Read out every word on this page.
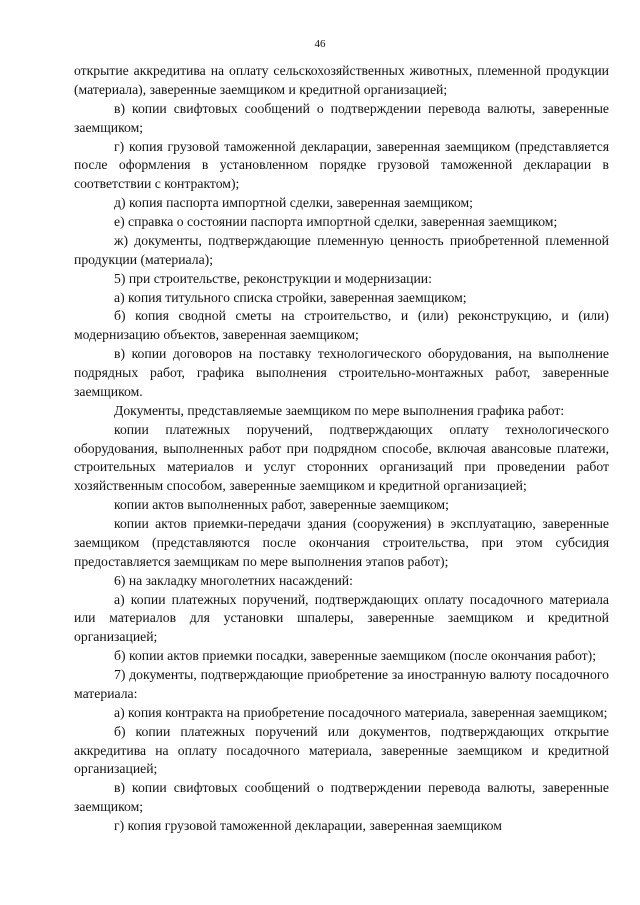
46

открытие аккредитива на оплату сельскохозяйственных животных, племенной продукции (материала), заверенные заемщиком и кредитной организацией;

в) копии свифтовых сообщений о подтверждении перевода валюты, заверенные заемщиком;

г) копия грузовой таможенной декларации, заверенная заемщиком (представляется после оформления в установленном порядке грузовой таможенной декларации в соответствии с контрактом);

д) копия паспорта импортной сделки, заверенная заемщиком;

е) справка о состоянии паспорта импортной сделки, заверенная заемщиком;

ж) документы, подтверждающие племенную ценность приобретенной племенной продукции (материала);

5) при строительстве, реконструкции и модернизации:

а) копия титульного списка стройки, заверенная заемщиком;

б) копия сводной сметы на строительство, и (или) реконструкцию, и (или) модернизацию объектов, заверенная заемщиком;

в) копии договоров на поставку технологического оборудования, на выполнение подрядных работ, графика выполнения строительно-монтажных работ, заверенные заемщиком.

Документы, представляемые заемщиком по мере выполнения графика работ:

копии платежных поручений, подтверждающих оплату технологического оборудования, выполненных работ при подрядном способе, включая авансовые платежи, строительных материалов и услуг сторонних организаций при проведении работ хозяйственным способом, заверенные заемщиком и кредитной организацией;

копии актов выполненных работ, заверенные заемщиком;

копии актов приемки-передачи здания (сооружения) в эксплуатацию, заверенные заемщиком (представляются после окончания строительства, при этом субсидия предоставляется заемщикам по мере выполнения этапов работ);

6) на закладку многолетних насаждений:

а) копии платежных поручений, подтверждающих оплату посадочного материала или материалов для установки шпалеры, заверенные заемщиком и кредитной организацией;

б) копии актов приемки посадки, заверенные заемщиком (после окончания работ);

7) документы, подтверждающие приобретение за иностранную валюту посадочного материала:

а) копия контракта на приобретение посадочного материала, заверенная заемщиком;

б) копии платежных поручений или документов, подтверждающих открытие аккредитива на оплату посадочного материала, заверенные заемщиком и кредитной организацией;

в) копии свифтовых сообщений о подтверждении перевода валюты, заверенные заемщиком;

г) копия грузовой таможенной декларации, заверенная заемщиком
